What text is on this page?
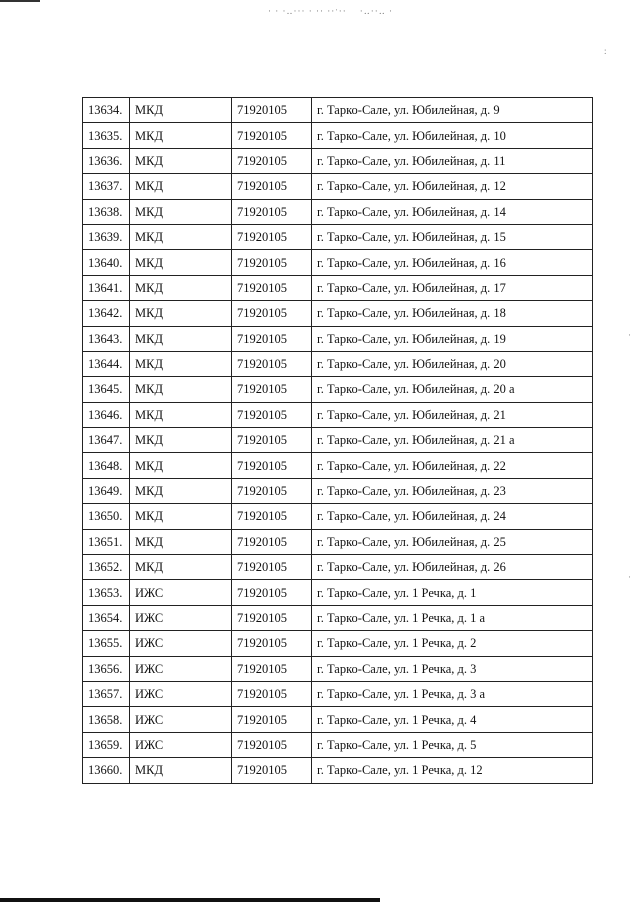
· · ·‥··· · ·· ··ˑ··    ·‥··‥ ·
:
·
·
13634.	МКД	71920105	г. Тарко-Сале, ул. Юбилейная, д. 9
13635.	МКД	71920105	г. Тарко-Сале, ул. Юбилейная, д. 10
13636.	МКД	71920105	г. Тарко-Сале, ул. Юбилейная, д. 11
13637.	МКД	71920105	г. Тарко-Сале, ул. Юбилейная, д. 12
13638.	МКД	71920105	г. Тарко-Сале, ул. Юбилейная, д. 14
13639.	МКД	71920105	г. Тарко-Сале, ул. Юбилейная, д. 15
13640.	МКД	71920105	г. Тарко-Сале, ул. Юбилейная, д. 16
13641.	МКД	71920105	г. Тарко-Сале, ул. Юбилейная, д. 17
13642.	МКД	71920105	г. Тарко-Сале, ул. Юбилейная, д. 18
13643.	МКД	71920105	г. Тарко-Сале, ул. Юбилейная, д. 19
13644.	МКД	71920105	г. Тарко-Сале, ул. Юбилейная, д. 20
13645.	МКД	71920105	г. Тарко-Сале, ул. Юбилейная, д. 20 а
13646.	МКД	71920105	г. Тарко-Сале, ул. Юбилейная, д. 21
13647.	МКД	71920105	г. Тарко-Сале, ул. Юбилейная, д. 21 а
13648.	МКД	71920105	г. Тарко-Сале, ул. Юбилейная, д. 22
13649.	МКД	71920105	г. Тарко-Сале, ул. Юбилейная, д. 23
13650.	МКД	71920105	г. Тарко-Сале, ул. Юбилейная, д. 24
13651.	МКД	71920105	г. Тарко-Сале, ул. Юбилейная, д. 25
13652.	МКД	71920105	г. Тарко-Сале, ул. Юбилейная, д. 26
13653.	ИЖС	71920105	г. Тарко-Сале, ул. 1 Речка, д. 1
13654.	ИЖС	71920105	г. Тарко-Сале, ул. 1 Речка, д. 1 а
13655.	ИЖС	71920105	г. Тарко-Сале, ул. 1 Речка, д. 2
13656.	ИЖС	71920105	г. Тарко-Сале, ул. 1 Речка, д. 3
13657.	ИЖС	71920105	г. Тарко-Сале, ул. 1 Речка, д. 3 а
13658.	ИЖС	71920105	г. Тарко-Сале, ул. 1 Речка, д. 4
13659.	ИЖС	71920105	г. Тарко-Сале, ул. 1 Речка, д. 5
13660.	МКД	71920105	г. Тарко-Сале, ул. 1 Речка, д. 12
